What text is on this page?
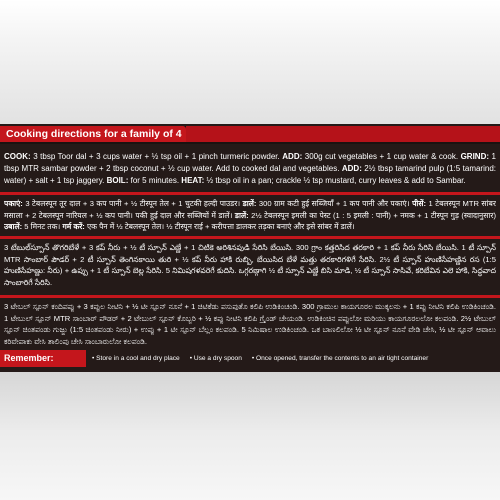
Cooking directions for a family of 4
COOK: 3 tbsp Toor dal + 3 cups water + ½ tsp oil + 1 pinch turmeric powder. ADD: 300g cut vegetables + 1 cup water & cook. GRIND: 1 tbsp MTR sambar powder + 2 tbsp coconut + ½ cup water. Add to cooked dal and vegetables. ADD: 2½ tbsp tamarind pulp (1:5 tamarind: water) + salt + 1 tsp jaggery. BOIL: for 5 minutes. HEAT: ½ tbsp oil in a pan; crackle ½ tsp mustard, curry leaves & add to Sambar.
पकाएं: 3 टेबलस्पून तूर दाल + 3 कप पानी + ½ टीस्पून तेल + 1 चुटकी हल्दी पाउडर। डालें: 300 ग्राम कटी हुई सब्जियाँ + 1 कप पानी और पकाएं। पीसें: 1 टेबलस्पून MTR सांबर मसाला + 2 टेबलस्पून नारियल + ½ कप पानी। पकी हुई दाल और सब्जियों में डालें। डालें: 2½ टेबलस्पून इमली का पेस्ट (1 : 5 इमली : पानी) + नमक + 1 टीस्पून गुड़ (स्वादानुसार) उबालें: 5 मिनट तक। गर्म करें: एक पैन में ½ टेबलस्पून तेल। ½ टीस्पून राई + करीपत्ता डालकर तड़का बनाएं और इसे सांबर में डालें।
3 టేబుల్‌స్పూన్ తొగరిబేళే + 3 కప్ నీరు + ½ టీ స్పూన్ ఎణ్ణే + 1 చిటికె అరిశినపుడి సేరిసి బేయిసి. 300 గ్రాం కత్తరిసిద తరకారి + 1 కప్ నీరు సేరిసి బేయిసి. 1 టీ స్పూన్ MTR సాంబార్ పౌడర్ + 2 టీ స్పూన్ తెంగినకాయి తురి + ½ కప్ నీరు హాకి రుబ్బి, బేయిసిద బేళే మత్తు తరకారిగళిగే సేరిసి. 2½ టీ స్పూన్ హుణిసేహణ్ణిన రస (1:5 హుణిసేహణ్ణు: నీరు) + ఉప్పు + 1 టీ స్పూన్ బెల్ల సేరిసి. 5 నిమిషగళవరెగే కుదిసి. ఒగ్గరణ్గాగి ½ టీ స్పూన్ ఎణ్ణే బిసి మాడి, ½ టీ స్పూన్ సాసివే, కరిబేవిన ఎలె హాకి, సిద్ధవాద సాంబారిగే సేరిసి.
3 ಟೇಬಲ್ ಸ್ಪೂನ್ ಕಂದಿಪಪ್ಪು + 3 ಕಪ್ಪುಲ ನೀಟಿನಿ + ½ ಟೀ ಸ್ಪೂನ್ ನೂನೆ + 1 ಚಿಟಿಕೆಡು ಪಸುಪುತೊ ಕಲಿಪಿ ಉಡಿಕಿಂಚಂಡಿ. 300 ಗ್ರಾಮುಲ ಕಾಯಗೂರಲ ಮುಕ್ಕಲನು + 1 ಕಪ್ಪು ನೀಟಿನಿ ಕಲಿಪಿ ಉಡಿಕಿಂಚಂಡಿ. 1 ಟೇಬುಲ್ ಸ್ಪೂನ್ MTR ಸಾಂಬಾರ್ ಪೌಡರ್ + 2 ಟೇಬುಲ್ ಸ್ಪೂನ್ ಕೊಬ್ಬರಿ + ½ ಕಪ್ಪು ನೀಟಿನಿ ಕಲಿಪಿ ಗ್ರೈಂಡ್ ಚೇಯಂಡಿ. ಉಡಿಕಿಂಚಿನ ಪಪ್ಪುಲೋ ಮರಿಯು ಕಾಯಗೂರಲಲೋ ಕಲಪಂಡಿ. 2½ ಟೇಬುಲ್ ಸ್ಪೂನ್ ಚಿಂತಪಂಡು ಗುಜ್ಜು (1:5 ಚಿಂತಪಂಡು ನೀರು) + ಉಪ್ಪು + 1 ಟೀ ಸ್ಪೂನ್ ಬೆಲ್ಲಂ ಕಲಪಂಡಿ. 5 ನಿಮಿಷಾಲ ಉಡಿಕಿಂಚಂಡಿ. ಒಕ ಬಾಣಲಿಲೋ ½ ಟೀ ಸ್ಪೂನ್ ನೂನೆ ವೇಡಿ ಚೇಸಿ, ½ ಟೀ ಸ್ಪೂನ್ ಆವಾಲು ಕರಿವೇಪಾಕು ವೇಸಿ ತಾಲಿಂಪು ಚೇಸಿ ಸಾಂಬಾರುಲೋ ಕಲಪಂಡಿ.
Remember:	• Store in a cool and dry place	• Use a dry spoon	• Once opened, transfer the contents to an air tight container
